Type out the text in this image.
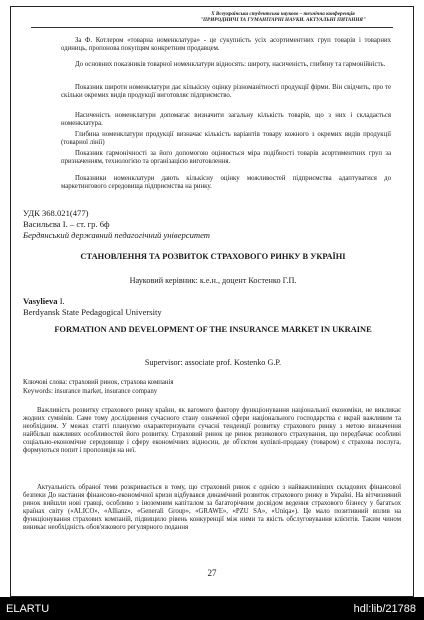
X Всеукраїнська студентська науково – технічна конференція
"ПРИРОДНИЧІ ТА ГУМАНІТАРНІ НАУКИ. АКТУАЛЬНІ ПИТАННЯ"
За Ф. Котлером «товарна номенклатура» - це сукупність усіх асортиментних груп товарів і товарних одиниць, пропонова покупцям конкретним продавцем.
До основних показників товарної номенклатури відносять: широту, насиченість, глибину та гармонійність.
Показник широти номенклатури дає кількісну оцінку різноманітності продукції фірми. Він свідчить, про те скільки окремих видів продукції виготовляє підприємство.
Насиченість номенклатури допомагає визначити загальну кількість товарів, що з них і складається номенклатура.
Глибина номенклатури продукції визначає кількість варіантів товару кожного з окремих видів продукції (товарної лінії)
Показник гармонічності за його допомогою оцінюється міра подібності товарів асортиментних груп за призначенням, технологією та організацією виготовлення.
Показники номенклатури дають кількісну оцінку можливостей підприємства адаптуватися до маркетингового середовища підприємства на ринку.
УДК 368.021(477)
Васильєва І. – ст. гр. 6ф
Бердянський державний педагогічний університет
СТАНОВЛЕННЯ ТА РОЗВИТОК СТРАХОВОГО РИНКУ В УКРАЇНІ
Науковий керівник: к.е.н., доцент Костенко Г.П.
Vasylieva I.
Berdyansk State Pedagogical University
FORMATION AND DEVELOPMENT OF THE INSURANCE MARKET IN UKRAINE
Supervisor: associate prof. Kostenko G.P.
Ключові слова: страховий ринок, страхова компанія
Keywords: insurance market, insurance company
Важливість розвитку страхового ринку країни, як вагомого фактору функціонування національної економіки, не викликає жодних сумнівів. Саме тому дослідження сучасного стану означеної сфери національного господарства є вкрай важливим та необхідним. У межах статті плануємо охарактеризувати сучасні тенденції розвитку страхового ринку з метою визначення найбільш важливих особливостей його розвитку. Страховий ринок це ринок ризикового страхування, що передбачає особливі соціально-економічне середовище і сферу економічних відносин, де об'єктом купівлі-продажу (товаром) є страхова послуга, формуються попит і пропозиція на неї.
Актуальність обраної теми розкривається в тому, що страховий ринок є однією з найважливіших складових фінансової безпеки До настання фінансово-економічної кризи відбувався динамічний розвиток страхового ринку в Україні. На вітчизняний ринок вийшли нові гравці, особливо з іноземним капіталом за багаторічним досвідом ведення страхового бізнесу у багатьох країнах світу («ALICO», «Allianz», «Generali Group», «GRAWE», «PZU SA», «Uniqa»). Це мало позитивний вплив на функціонування страхових компаній, підвищило рівень конкуренції між ними та якість обслуговування клієнтів. Таким чином виникає необхідність обов'язкового регулярного подання
27
ELARTU	hdl:lib/21788
